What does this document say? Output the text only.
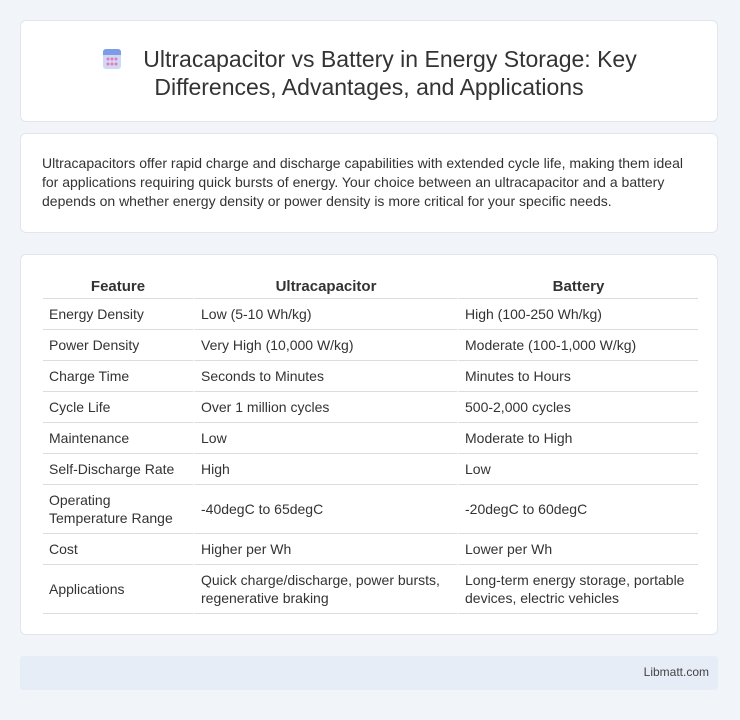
Ultracapacitor vs Battery in Energy Storage: Key
Differences, Advantages, and Applications

Ultracapacitors offer rapid charge and discharge capabilities with extended cycle life, making them ideal for applications requiring quick bursts of energy. Your choice between an ultracapacitor and a battery depends on whether energy density or power density is more critical for your specific needs.

Feature	Ultracapacitor	Battery
Energy Density	Low (5-10 Wh/kg)	High (100-250 Wh/kg)
Power Density	Very High (10,000 W/kg)	Moderate (100-1,000 W/kg)
Charge Time	Seconds to Minutes	Minutes to Hours
Cycle Life	Over 1 million cycles	500-2,000 cycles
Maintenance	Low	Moderate to High
Self-Discharge Rate	High	Low
Operating Temperature Range	-40degC to 65degC	-20degC to 60degC
Cost	Higher per Wh	Lower per Wh
Applications	Quick charge/discharge, power bursts, regenerative braking	Long-term energy storage, portable devices, electric vehicles
Libmatt.com
